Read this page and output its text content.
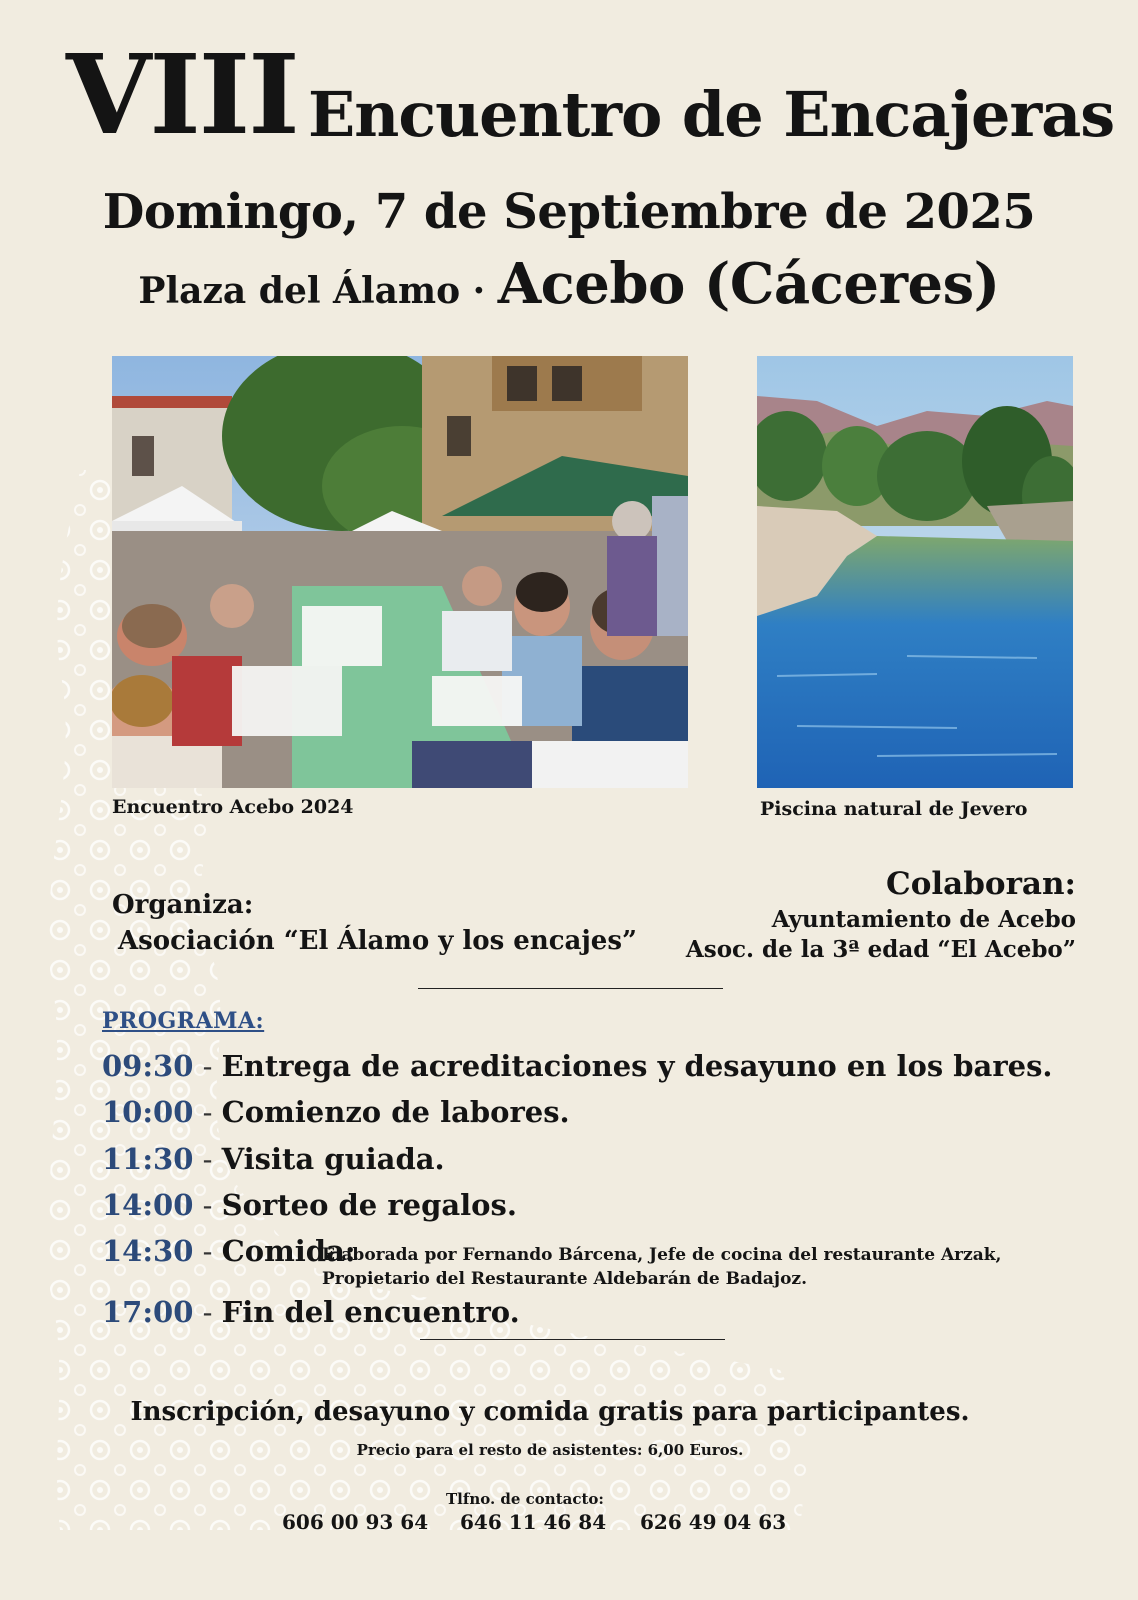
VIII Encuentro de Encajeras
Domingo, 7 de Septiembre de 2025
Plaza del Álamo · Acebo (Cáceres)
Encuentro Acebo 2024	Piscina natural de Jevero
Organiza:
Asociación “El Álamo y los encajes”
Colaboran:
Ayuntamiento de Acebo
Asoc. de la 3ª edad “El Acebo”
PROGRAMA:
09:30 - Entrega de acreditaciones y desayuno en los bares.
10:00 - Comienzo de labores.
11:30 - Visita guiada.
14:00 - Sorteo de regalos.
14:30 - Comida:
Elaborada por Fernando Bárcena, Jefe de cocina del restaurante Arzak,
Propietario del Restaurante Aldebarán de Badajoz.
17:00 - Fin del encuentro.
Inscripción, desayuno y comida gratis para participantes.
Precio para el resto de asistentes: 6,00 Euros.
Tlfno. de contacto:
606 00 93 64 646 11 46 84 626 49 04 63
